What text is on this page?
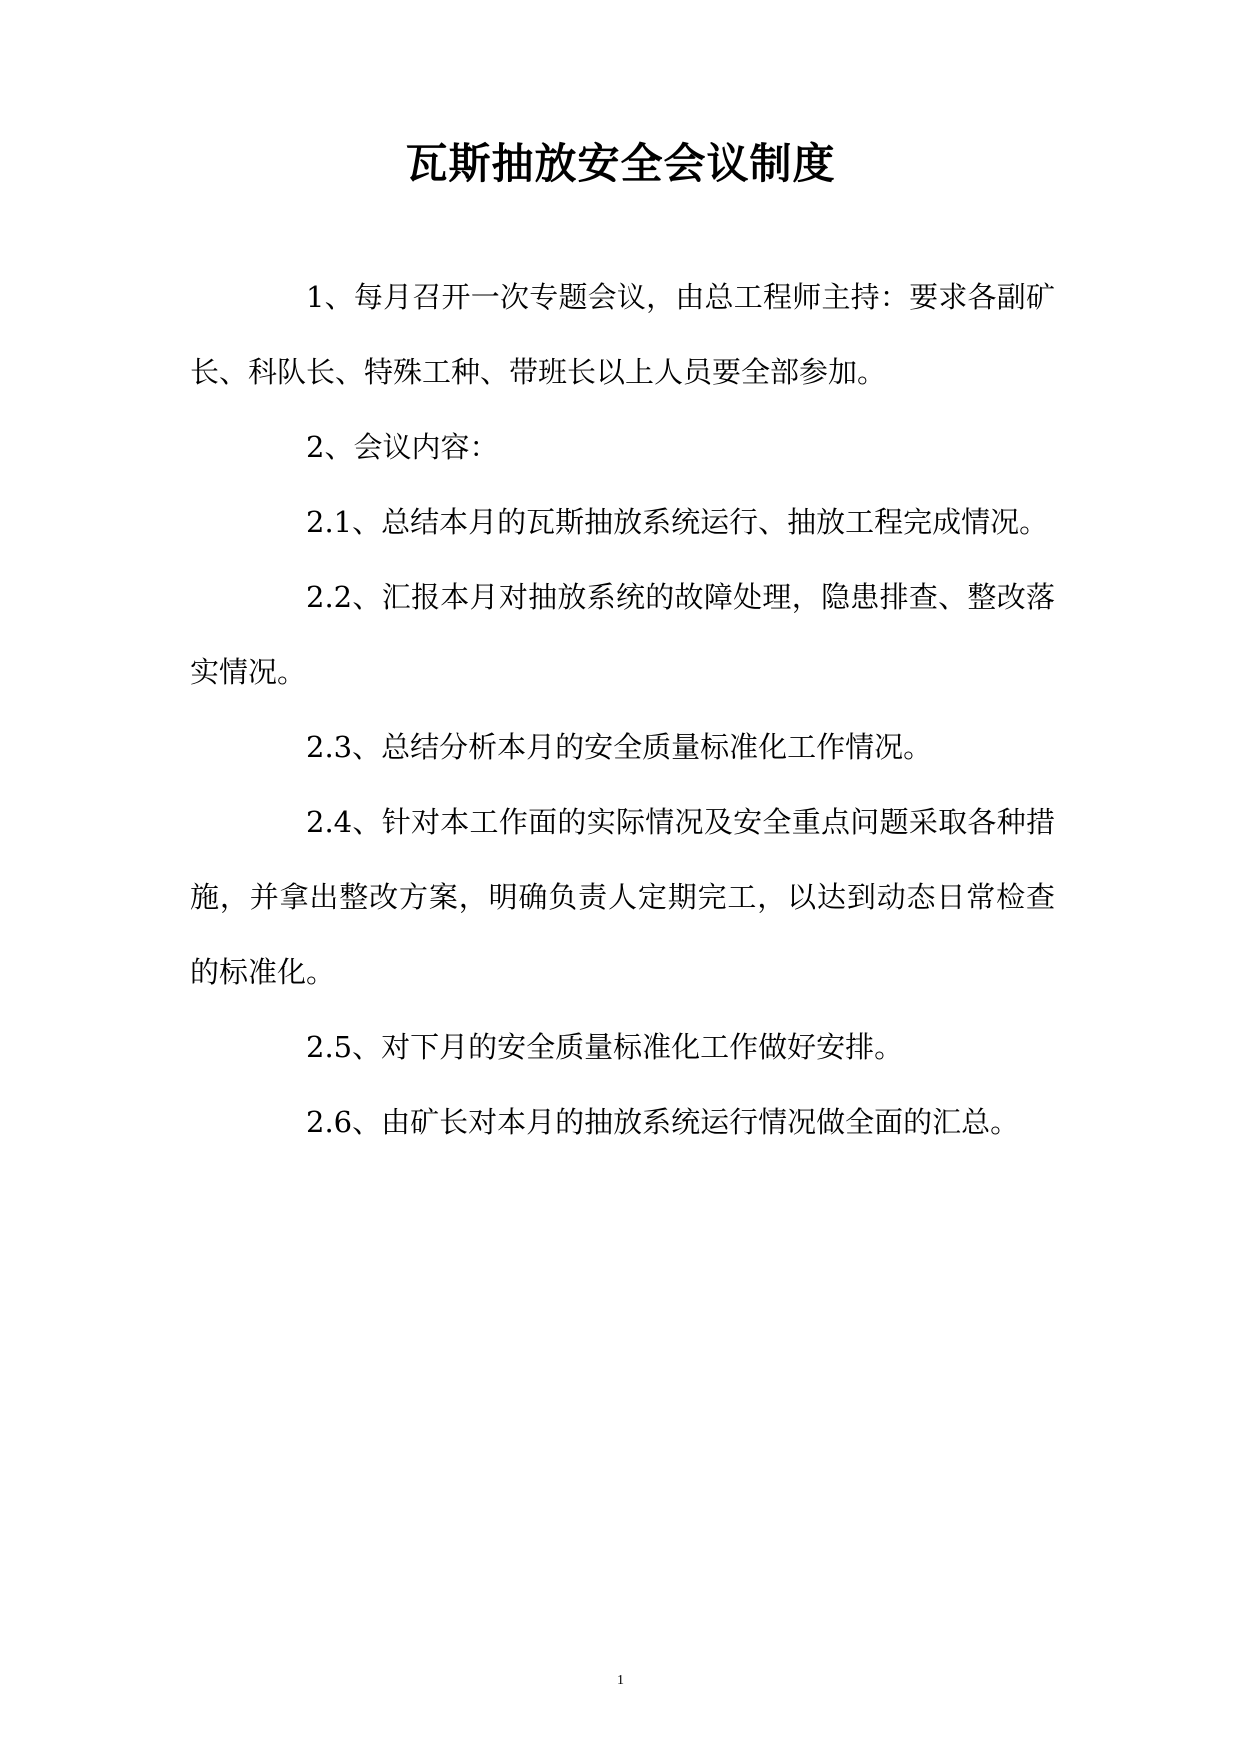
瓦斯抽放安全会议制度

1、每月召开一次专题会议，由总工程师主持：要求各副矿长、科队长、特殊工种、带班长以上人员要全部参加。

2、会议内容：

2.1、总结本月的瓦斯抽放系统运行、抽放工程完成情况。

2.2、汇报本月对抽放系统的故障处理，隐患排查、整改落实情况。

2.3、总结分析本月的安全质量标准化工作情况。

2.4、针对本工作面的实际情况及安全重点问题采取各种措施，并拿出整改方案，明确负责人定期完工，以达到动态日常检查的标准化。

2.5、对下月的安全质量标准化工作做好安排。

2.6、由矿长对本月的抽放系统运行情况做全面的汇总。

1
